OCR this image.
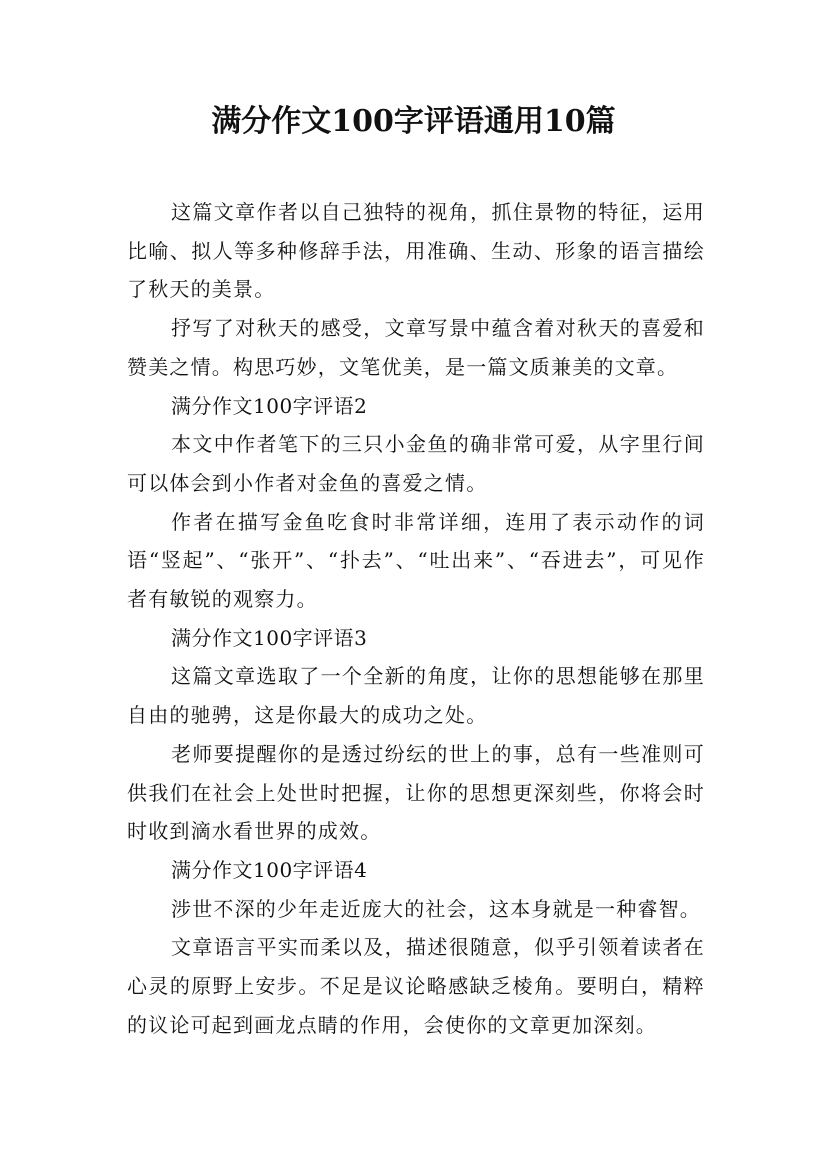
满分作文100字评语通用10篇

这篇文章作者以自己独特的视角，抓住景物的特征，运用比喻、拟人等多种修辞手法，用准确、生动、形象的语言描绘了秋天的美景。

抒写了对秋天的感受，文章写景中蕴含着对秋天的喜爱和赞美之情。构思巧妙，文笔优美，是一篇文质兼美的文章。

满分作文100字评语2

本文中作者笔下的三只小金鱼的确非常可爱，从字里行间可以体会到小作者对金鱼的喜爱之情。

作者在描写金鱼吃食时非常详细，连用了表示动作的词语“竖起”、“张开”、“扑去”、“吐出来”、“吞进去”，可见作者有敏锐的观察力。

满分作文100字评语3

这篇文章选取了一个全新的角度，让你的思想能够在那里自由的驰骋，这是你最大的成功之处。

老师要提醒你的是透过纷纭的世上的事，总有一些准则可供我们在社会上处世时把握，让你的思想更深刻些，你将会时时收到滴水看世界的成效。

满分作文100字评语4

涉世不深的少年走近庞大的社会，这本身就是一种睿智。

文章语言平实而柔以及，描述很随意，似乎引领着读者在心灵的原野上安步。不足是议论略感缺乏棱角。要明白，精粹的议论可起到画龙点睛的作用，会使你的文章更加深刻。
